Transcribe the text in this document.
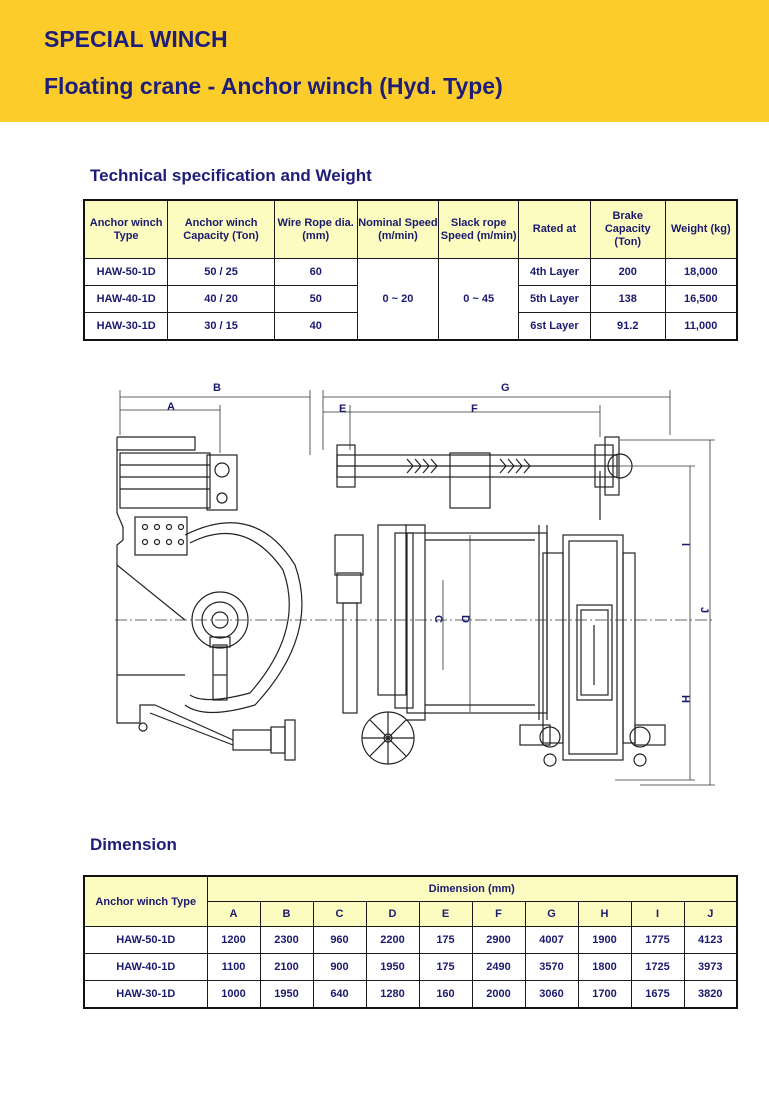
SPECIAL WINCH
Floating crane - Anchor winch (Hyd. Type)
Technical specification and Weight
Anchor winch Type	Anchor winch Capacity (Ton)	Wire Rope dia. (mm)	Nominal Speed (m/min)	Slack rope Speed (m/min)	Rated at	Brake Capacity (Ton)	Weight (kg)
HAW-50-1D	50 / 25	60	0 ~ 20	0 ~ 45	4th Layer	200	18,000
HAW-40-1D	40 / 20	50			5th Layer	138	16,500
HAW-30-1D	30 / 15	40			6st Layer	91.2	11,000
B
A
G
E	F
C D
I
J
H
Dimension
Anchor winch Type	Dimension (mm)									
	A	B	C	D	E	F	G	H	I	J
HAW-50-1D	1200	2300	960	2200	175	2900	4007	1900	1775	4123
HAW-40-1D	1100	2100	900	1950	175	2490	3570	1800	1725	3973
HAW-30-1D	1000	1950	640	1280	160	2000	3060	1700	1675	3820
